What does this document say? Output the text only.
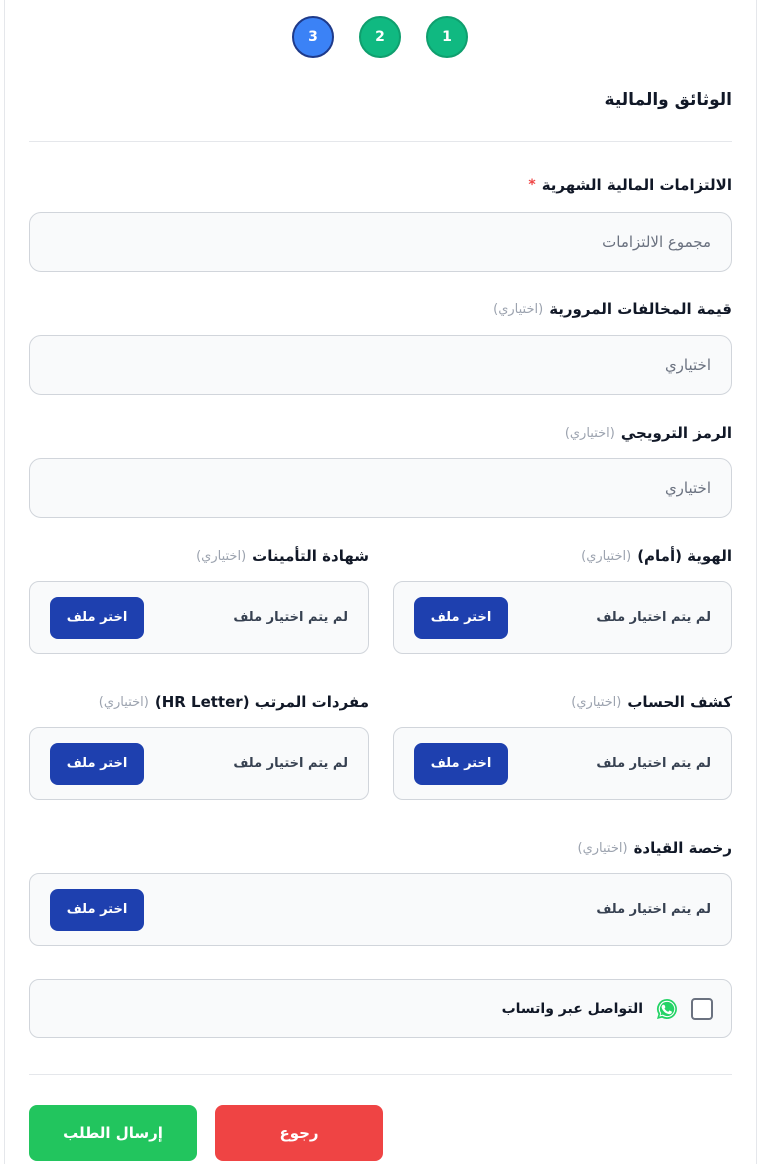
1
2
3
الوثائق والمالية
الالتزامات المالية الشهرية
*
مجموع الالتزامات
قيمة المخالفات المرورية
(اختياري)
اختياري
الرمز الترويجي
(اختياري)
اختياري
الهوية (أمام)
(اختياري)
لم يتم اختيار ملف
اختر ملف
شهادة التأمينات
(اختياري)
لم يتم اختيار ملف
اختر ملف
كشف الحساب
(اختياري)
لم يتم اختيار ملف
اختر ملف
مفردات المرتب (HR Letter)
(اختياري)
لم يتم اختيار ملف
اختر ملف
رخصة القيادة
(اختياري)
لم يتم اختيار ملف
اختر ملف
التواصل عبر واتساب
رجوع
إرسال الطلب
